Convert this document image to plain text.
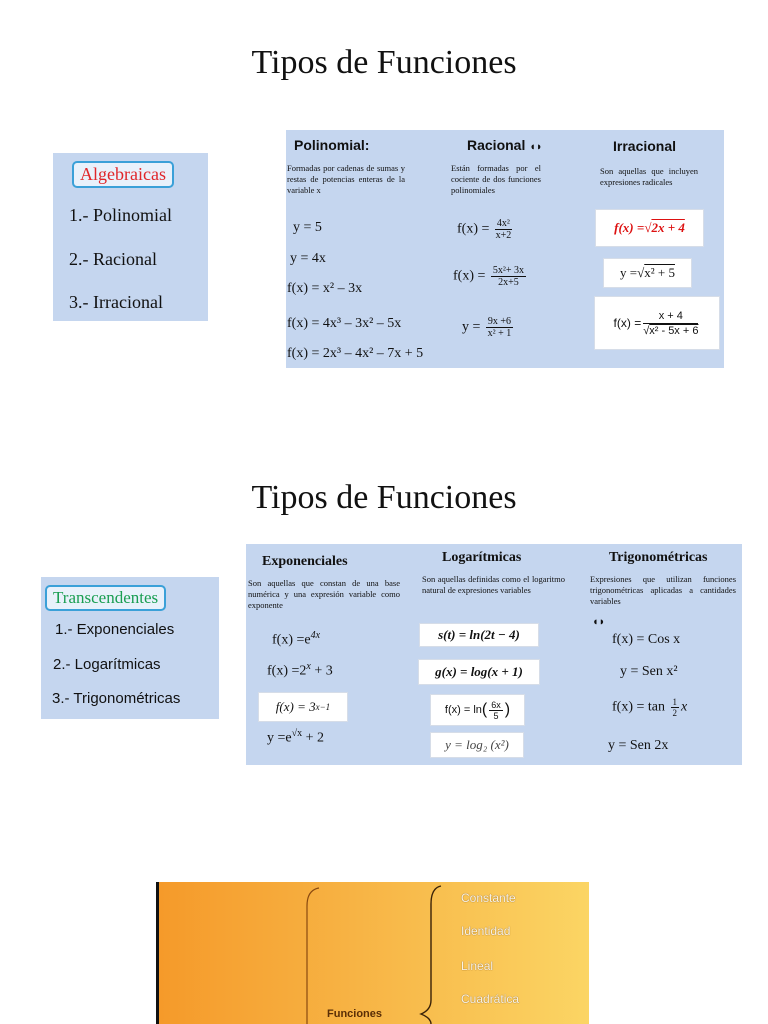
Tipos de Funciones
Algebraicas
1.- Polinomial
2.- Racional
3.- Irracional
Polinomial:
Formadas por cadenas de sumas y restas de potencias enteras de la variable x
y = 5
y = 4x
f(x) = x² – 3x
f(x) = 4x³ – 3x² – 5x
f(x) = 2x³ – 4x² – 7x + 5
Racional ◖◗
Están formadas por el cociente de dos funciones polinomiales
$f(x) = \frac{\text{4x²}}{x+2}$
$f(x) = \frac{\text{5x²+ 3x}}{2x+5}$
$y = \frac{9x +6}{\text{x² + 1}}$
Irracional
Son aquellas que incluyen expresiones radicales
f(x) = √2x + 4
y = √x² + 5
$f(x) = \frac{x + 4}{\text{√x² - 5x + 6}}$
Tipos de Funciones
Transcendentes
1.- Exponenciales
2.- Logarítmicas
3.- Trigonométricas
Exponenciales
Son aquellas que constan de una base numérica y una expresión variable como exponente
$f(x) =e^{4x}$
$f(x) =2^x + 3$
f(x) = 3 x−1
$y =e^{√x} + 2$
Logarítmicas
Son aquellas definidas como el logaritmo natural de expresiones variables
s(t) = ln(2t − 4)
g(x) = log(x + 1)
f(x) = ln ( $\frac{6x}{5}$ )
y = log₂ (x²)
Trigonométricas
Expresiones que utilizan funciones trigonométricas aplicadas a cantidades variables
◖◗
f(x) = Cos x
y = Sen x²
$f(x) = \tan \frac{1}{2}$ x
y = Sen 2x
Constante
Identidad
Lineal
Cuadrática
Funciones
